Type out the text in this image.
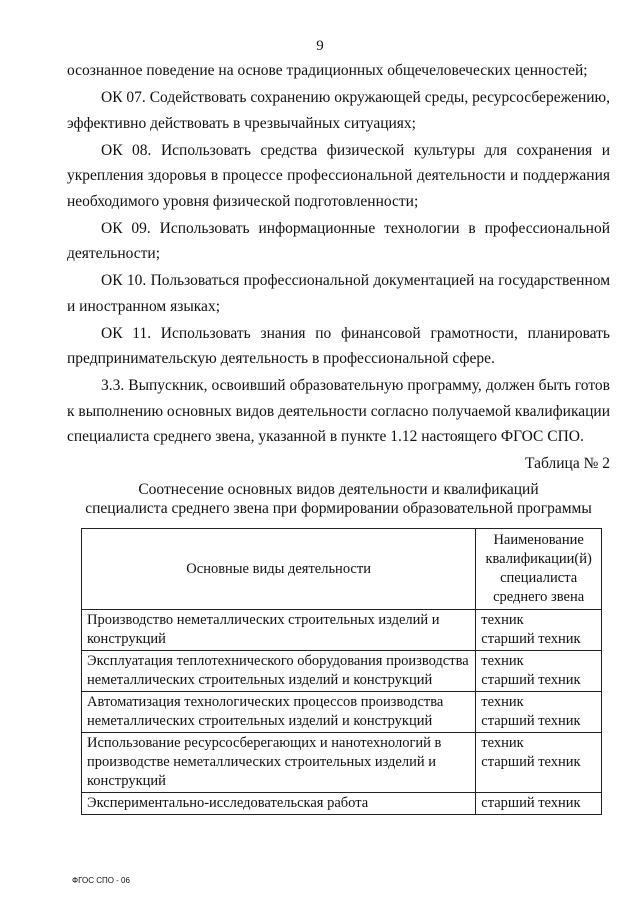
9

осознанное поведение на основе традиционных общечеловеческих ценностей;

ОК 07. Содействовать сохранению окружающей среды, ресурсосбережению, эффективно действовать в чрезвычайных ситуациях;

ОК 08. Использовать средства физической культуры для сохранения и укрепления здоровья в процессе профессиональной деятельности и поддержания необходимого уровня физической подготовленности;

ОК 09. Использовать информационные технологии в профессиональной деятельности;

ОК 10. Пользоваться профессиональной документацией на государственном и иностранном языках;

ОК 11. Использовать знания по финансовой грамотности, планировать предпринимательскую деятельность в профессиональной сфере.

3.3. Выпускник, освоивший образовательную программу, должен быть готов к выполнению основных видов деятельности согласно получаемой квалификации специалиста среднего звена, указанной в пункте 1.12 настоящего ФГОС СПО.

Таблица № 2

Соотнесение основных видов деятельности и квалификаций
специалиста среднего звена при формировании образовательной программы
Основные виды деятельности	Наименование
квалификации(й)
специалиста
среднего звена

Производство неметаллических строительных изделий и конструкций	техник
старший техник

Эксплуатация теплотехнического оборудования производства неметаллических строительных изделий и конструкций	техник
старший техник

Автоматизация технологических процессов производства неметаллических строительных изделий и конструкций	техник
старший техник

Использование ресурсосберегающих и нанотехнологий в производстве неметаллических строительных изделий и конструкций	техник
старший техник

Экспериментально-исследовательская работа	старший техник
ФГОС СПО - 06
